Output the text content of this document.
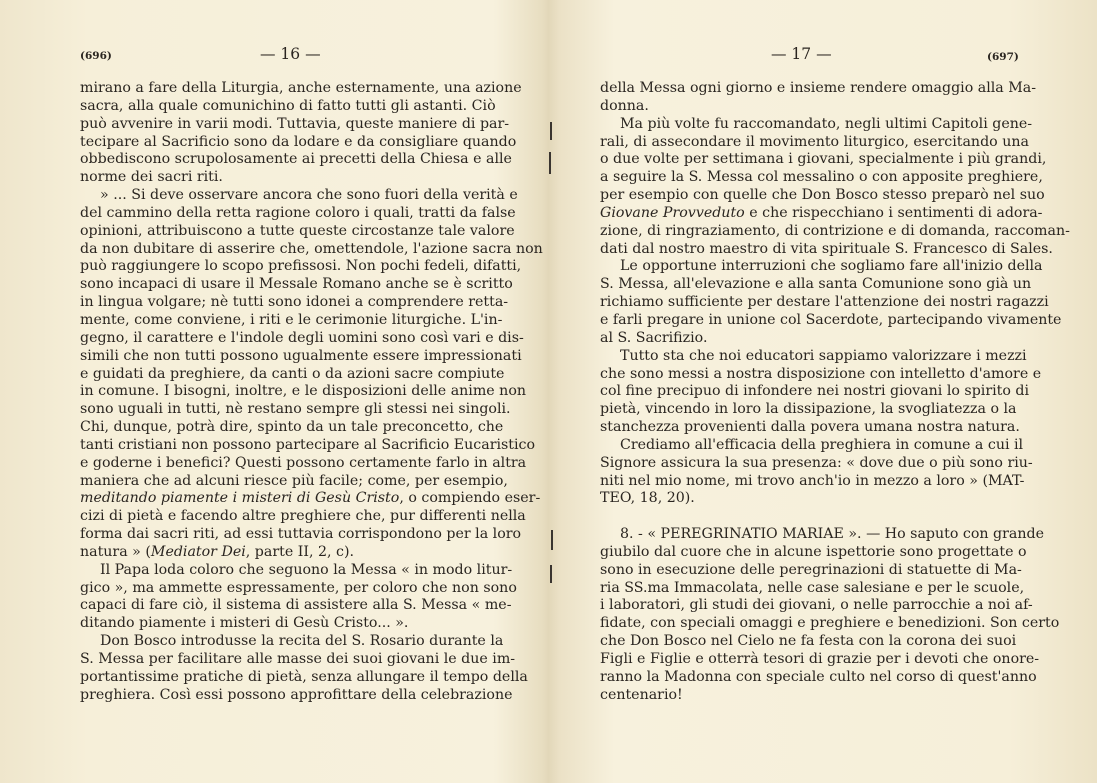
(696)	— 16 —
mirano a fare della Liturgia, anche esternamente, una azione
sacra, alla quale comunichino di fatto tutti gli astanti. Ciò
può avvenire in varii modi. Tuttavia, queste maniere di par-
tecipare al Sacrificio sono da lodare e da consigliare quando
obbediscono scrupolosamente ai precetti della Chiesa e alle
norme dei sacri riti.
» ... Si deve osservare ancora che sono fuori della verità e
del cammino della retta ragione coloro i quali, tratti da false
opinioni, attribuiscono a tutte queste circostanze tale valore
da non dubitare di asserire che, omettendole, l'azione sacra non
può raggiungere lo scopo prefissosi. Non pochi fedeli, difatti,
sono incapaci di usare il Messale Romano anche se è scritto
in lingua volgare; nè tutti sono idonei a comprendere retta-
mente, come conviene, i riti e le cerimonie liturgiche. L'in-
gegno, il carattere e l'indole degli uomini sono così vari e dis-
simili che non tutti possono ugualmente essere impressionati
e guidati da preghiere, da canti o da azioni sacre compiute
in comune. I bisogni, inoltre, e le disposizioni delle anime non
sono uguali in tutti, nè restano sempre gli stessi nei singoli.
Chi, dunque, potrà dire, spinto da un tale preconcetto, che
tanti cristiani non possono partecipare al Sacrificio Eucaristico
e goderne i benefici? Questi possono certamente farlo in altra
maniera che ad alcuni riesce più facile; come, per esempio,
meditando piamente i misteri di Gesù Cristo, o compiendo eser-
cizi di pietà e facendo altre preghiere che, pur differenti nella
forma dai sacri riti, ad essi tuttavia corrispondono per la loro
natura » (Mediator Dei, parte II, 2, c).
Il Papa loda coloro che seguono la Messa « in modo litur-
gico », ma ammette espressamente, per coloro che non sono
capaci di fare ciò, il sistema di assistere alla S. Messa « me-
ditando piamente i misteri di Gesù Cristo... ».
Don Bosco introdusse la recita del S. Rosario durante la
S. Messa per facilitare alle masse dei suoi giovani le due im-
portantissime pratiche di pietà, senza allungare il tempo della
preghiera. Così essi possono approfittare della celebrazione
— 17 —	(697)
della Messa ogni giorno e insieme rendere omaggio alla Ma-
donna.
Ma più volte fu raccomandato, negli ultimi Capitoli gene-
rali, di assecondare il movimento liturgico, esercitando una
o due volte per settimana i giovani, specialmente i più grandi,
a seguire la S. Messa col messalino o con apposite preghiere,
per esempio con quelle che Don Bosco stesso preparò nel suo
Giovane Provveduto e che rispecchiano i sentimenti di adora-
zione, di ringraziamento, di contrizione e di domanda, raccoman-
dati dal nostro maestro di vita spirituale S. Francesco di Sales.
Le opportune interruzioni che sogliamo fare all'inizio della
S. Messa, all'elevazione e alla santa Comunione sono già un
richiamo sufficiente per destare l'attenzione dei nostri ragazzi
e farli pregare in unione col Sacerdote, partecipando vivamente
al S. Sacrifizio.
Tutto sta che noi educatori sappiamo valorizzare i mezzi
che sono messi a nostra disposizione con intelletto d'amore e
col fine precipuo di infondere nei nostri giovani lo spirito di
pietà, vincendo in loro la dissipazione, la svogliatezza o la
stanchezza provenienti dalla povera umana nostra natura.
Crediamo all'efficacia della preghiera in comune a cui il
Signore assicura la sua presenza: « dove due o più sono riu-
niti nel mio nome, mi trovo anch'io in mezzo a loro » (MAT-
TEO, 18, 20).
8. - « PEREGRINATIO MARIAE ». — Ho saputo con grande
giubilo dal cuore che in alcune ispettorie sono progettate o
sono in esecuzione delle peregrinazioni di statuette di Ma-
ria SS.ma Immacolata, nelle case salesiane e per le scuole,
i laboratori, gli studi dei giovani, o nelle parrocchie a noi af-
fidate, con speciali omaggi e preghiere e benedizioni. Son certo
che Don Bosco nel Cielo ne fa festa con la corona dei suoi
Figli e Figlie e otterrà tesori di grazie per i devoti che onore-
ranno la Madonna con speciale culto nel corso di quest'anno
centenario!
